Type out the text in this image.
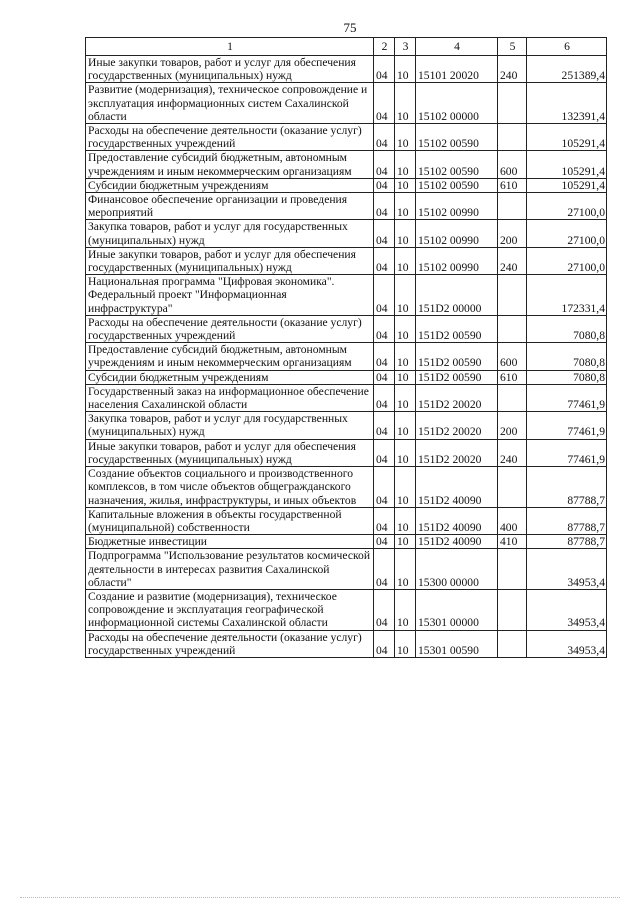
75
1	2	3	4	5	6
Иные закупки товаров, работ и услуг для обеспечения государственных (муниципальных) нужд	04	10	15101 20020	240	251389,4
Развитие (модернизация), техническое сопровождение и эксплуатация информационных систем Сахалинской области	04	10	15102 00000		132391,4
Расходы на обеспечение деятельности (оказание услуг) государственных учреждений	04	10	15102 00590		105291,4
Предоставление субсидий бюджетным, автономным учреждениям и иным некоммерческим организациям	04	10	15102 00590	600	105291,4
Субсидии бюджетным учреждениям	04	10	15102 00590	610	105291,4
Финансовое обеспечение организации и проведения мероприятий	04	10	15102 00990		27100,0
Закупка товаров, работ и услуг для государственных (муниципальных) нужд	04	10	15102 00990	200	27100,0
Иные закупки товаров, работ и услуг для обеспечения государственных (муниципальных) нужд	04	10	15102 00990	240	27100,0
Национальная программа "Цифровая экономика". Федеральный проект "Информационная инфраструктура"	04	10	151D2 00000		172331,4
Расходы на обеспечение деятельности (оказание услуг) государственных учреждений	04	10	151D2 00590		7080,8
Предоставление субсидий бюджетным, автономным учреждениям и иным некоммерческим организациям	04	10	151D2 00590	600	7080,8
Субсидии бюджетным учреждениям	04	10	151D2 00590	610	7080,8
Государственный заказ на информационное обеспечение населения Сахалинской области	04	10	151D2 20020		77461,9
Закупка товаров, работ и услуг для государственных (муниципальных) нужд	04	10	151D2 20020	200	77461,9
Иные закупки товаров, работ и услуг для обеспечения государственных (муниципальных) нужд	04	10	151D2 20020	240	77461,9
Создание объектов социального и производственного комплексов, в том числе объектов общегражданского назначения, жилья, инфраструктуры, и иных объектов	04	10	151D2 40090		87788,7
Капитальные вложения в объекты государственной (муниципальной) собственности	04	10	151D2 40090	400	87788,7
Бюджетные инвестиции	04	10	151D2 40090	410	87788,7
Подпрограмма "Использование результатов космической деятельности в интересах развития Сахалинской области"	04	10	15300 00000		34953,4
Создание и развитие (модернизация), техническое сопровождение и эксплуатация географической информационной системы Сахалинской области	04	10	15301 00000		34953,4
Расходы на обеспечение деятельности (оказание услуг) государственных учреждений	04	10	15301 00590		34953,4
